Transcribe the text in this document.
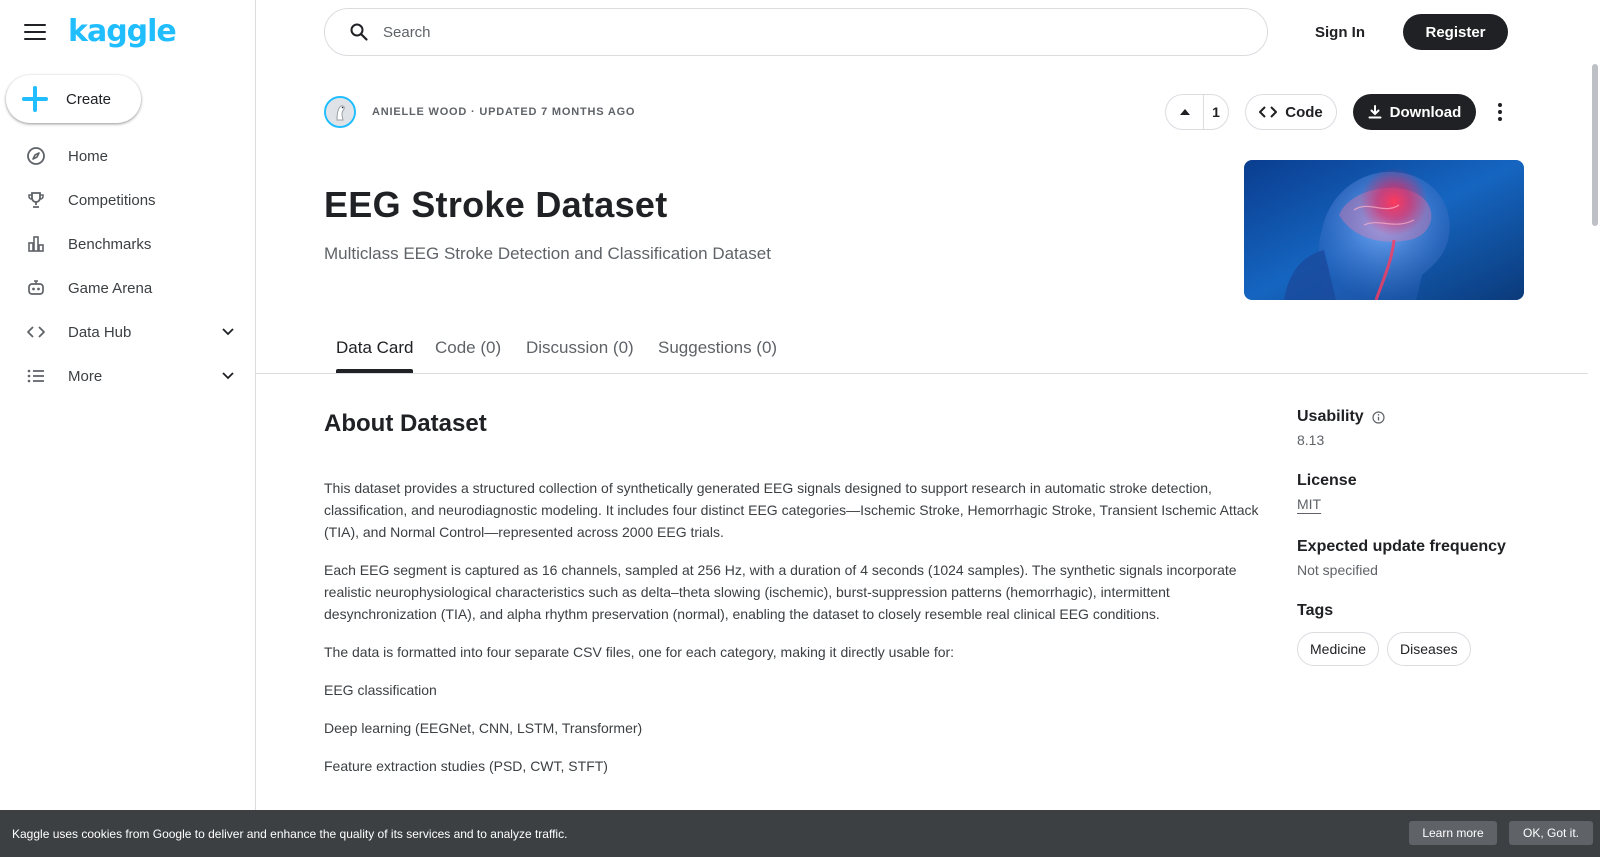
kaggle
Create
Home
Competitions
Benchmarks
Game Arena
Data Hub
More
Search
Sign In	Register
ANIELLE WOOD · UPDATED 7 MONTHS AGO	1	Code	Download
EEG Stroke Dataset
Multiclass EEG Stroke Detection and Classification Dataset
Data Card Code (0) Discussion (0) Suggestions (0)
About Dataset

This dataset provides a structured collection of synthetically generated EEG signals designed to support research in automatic stroke detection, classification, and neurodiagnostic modeling. It includes four distinct EEG categories—Ischemic Stroke, Hemorrhagic Stroke, Transient Ischemic Attack (TIA), and Normal Control—represented across 2000 EEG trials.

Each EEG segment is captured as 16 channels, sampled at 256 Hz, with a duration of 4 seconds (1024 samples). The synthetic signals incorporate realistic neurophysiological characteristics such as delta–theta slowing (ischemic), burst-suppression patterns (hemorrhagic), intermittent desynchronization (TIA), and alpha rhythm preservation (normal), enabling the dataset to closely resemble real clinical EEG conditions.

The data is formatted into four separate CSV files, one for each category, making it directly usable for:

EEG classification

Deep learning (EEGNet, CNN, LSTM, Transformer)

Feature extraction studies (PSD, CWT, STFT)

Usability
8.13
License
MIT
Expected update frequency
Not specified
Tags
Medicine	Diseases
Kaggle uses cookies from Google to deliver and enhance the quality of its services and to analyze traffic.	Learn more	OK, Got it.
